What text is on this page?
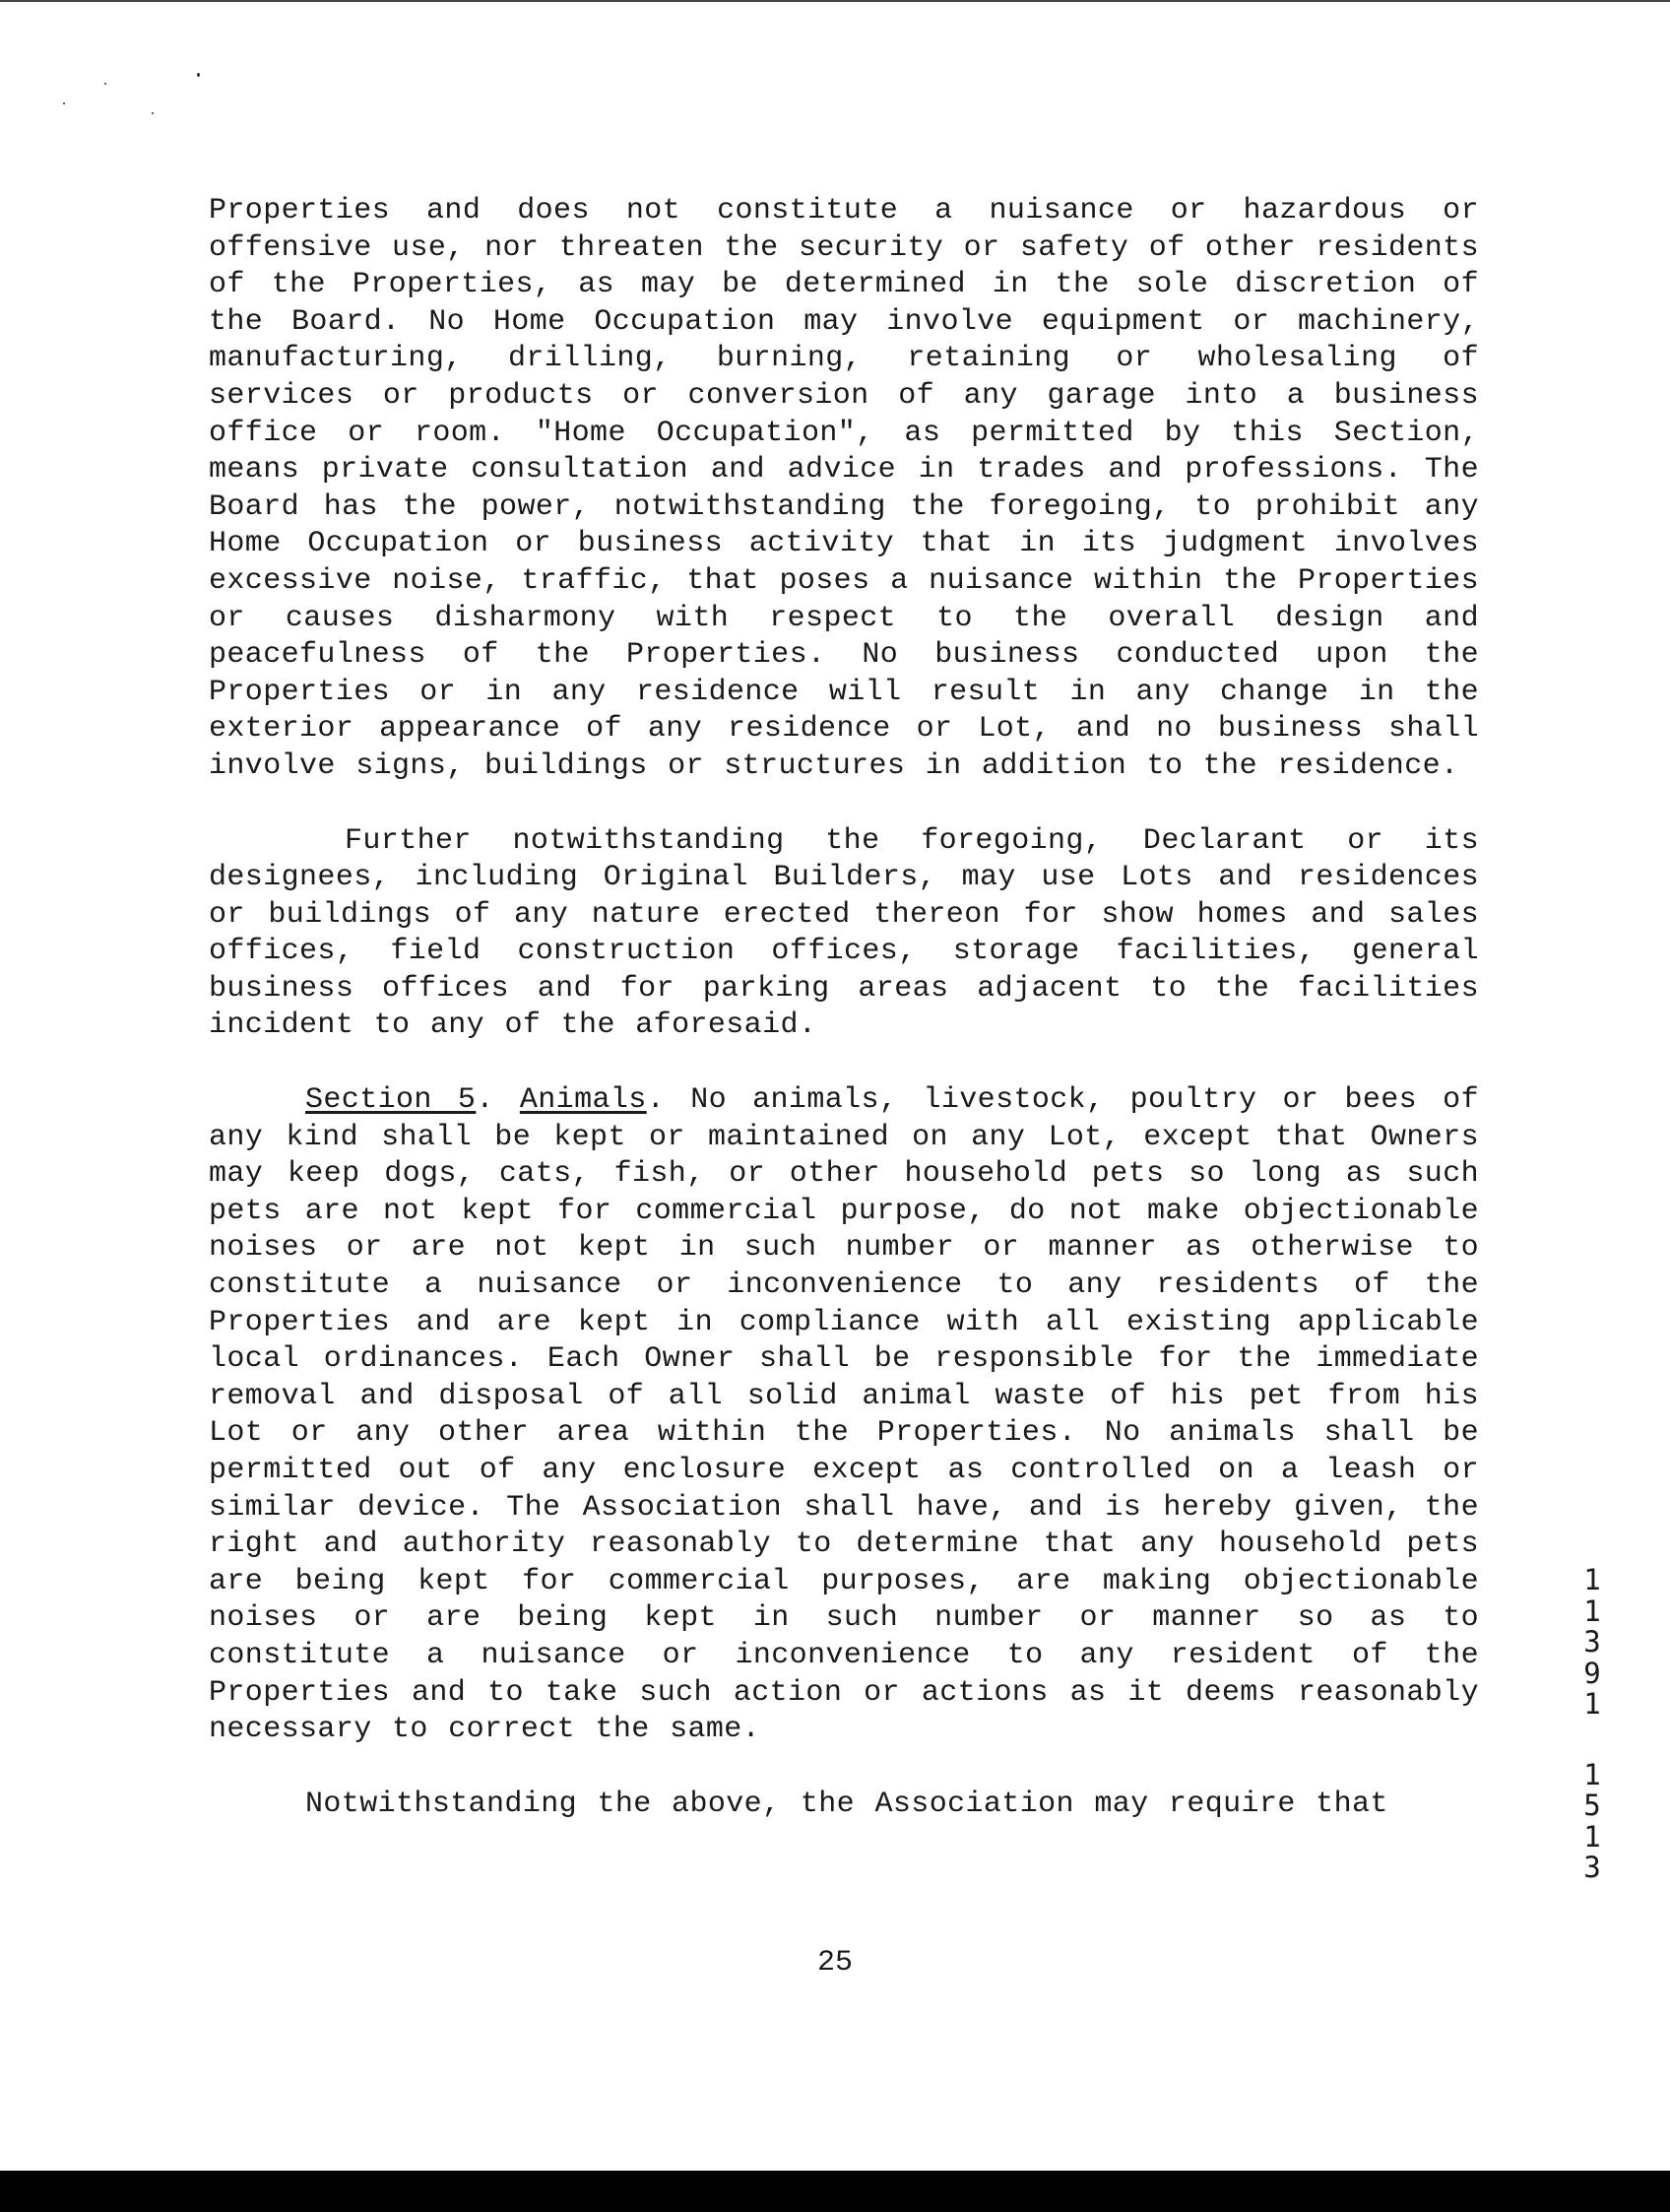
Properties and does not constitute a nuisance or hazardous or offensive use, nor threaten the security or safety of other residents of the Properties, as may be determined in the sole discretion of the Board. No Home Occupation may involve equipment or machinery, manufacturing, drilling, burning, retaining or wholesaling of services or products or conversion of any garage into a business office or room. "Home Occupation", as permitted by this Section, means private consultation and advice in trades and professions. The Board has the power, notwithstanding the foregoing, to prohibit any Home Occupation or business activity that in its judgment involves excessive noise, traffic, that poses a nuisance within the Properties or causes disharmony with respect to the overall design and peacefulness of the Properties. No business conducted upon the Properties or in any residence will result in any change in the exterior appearance of any residence or Lot, and no business shall involve signs, buildings or structures in addition to the residence.

Further notwithstanding the foregoing, Declarant or its designees, including Original Builders, may use Lots and residences or buildings of any nature erected thereon for show homes and sales offices, field construction offices, storage facilities, general business offices and for parking areas adjacent to the facilities incident to any of the aforesaid.

Section 5. Animals. No animals, livestock, poultry or bees of any kind shall be kept or maintained on any Lot, except that Owners may keep dogs, cats, fish, or other household pets so long as such pets are not kept for commercial purpose, do not make objectionable noises or are not kept in such number or manner as otherwise to constitute a nuisance or inconvenience to any residents of the Properties and are kept in compliance with all existing applicable local ordinances. Each Owner shall be responsible for the immediate removal and disposal of all solid animal waste of his pet from his Lot or any other area within the Properties. No animals shall be permitted out of any enclosure except as controlled on a leash or similar device. The Association shall have, and is hereby given, the right and authority reasonably to determine that any household pets are being kept for commercial purposes, are making objectionable noises or are being kept in such number or manner so as to constitute a nuisance or inconvenience to any resident of the Properties and to take such action or actions as it deems reasonably necessary to correct the same.

Notwithstanding the above, the Association may require that

25
1
1
3
9
1
1
5
1
3
